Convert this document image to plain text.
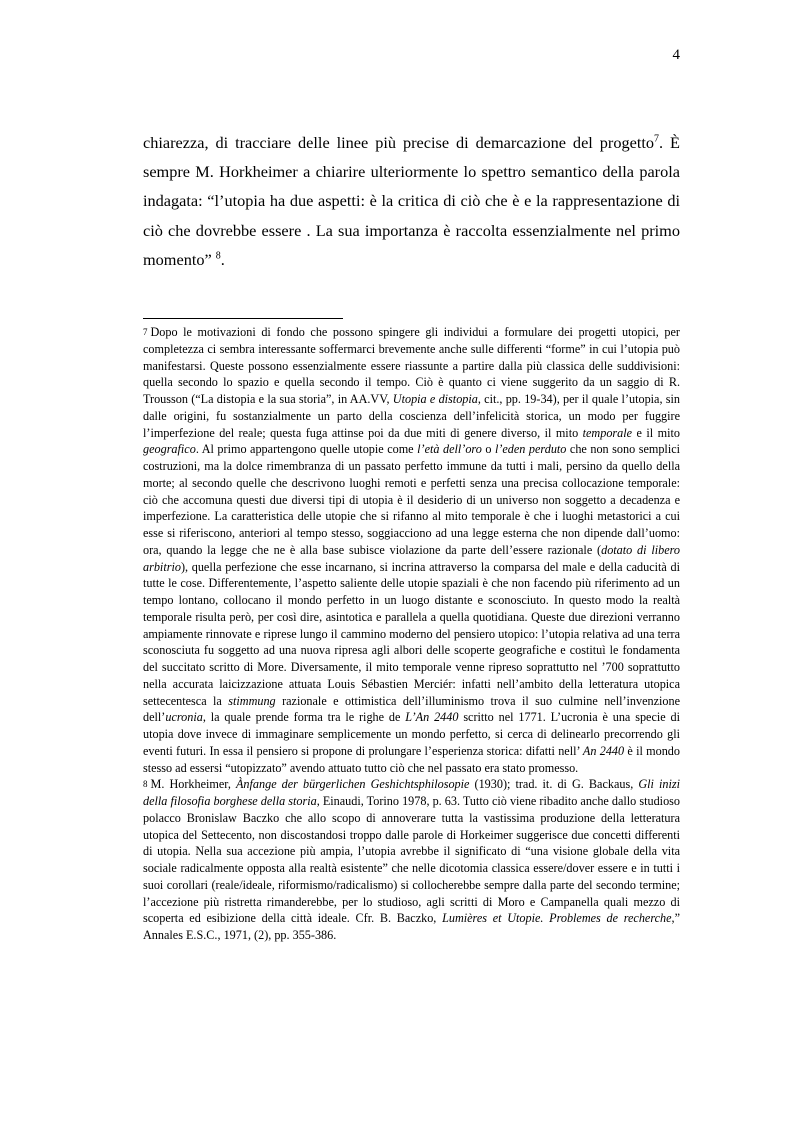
4

chiarezza, di tracciare delle linee più precise di demarcazione del progetto$^7$. È sempre M. Horkheimer a chiarire ulteriormente lo spettro semantico della parola indagata: “l’utopia ha due aspetti: è la critica di ciò che è e la rappresentazione di ciò che dovrebbe essere . La sua importanza è raccolta essenzialmente nel primo momento” $^8$.

7 Dopo le motivazioni di fondo che possono spingere gli individui a formulare dei progetti utopici, per completezza ci sembra interessante soffermarci brevemente anche sulle differenti “forme” in cui l’utopia può manifestarsi. Queste possono essenzialmente essere riassunte a partire dalla più classica delle suddivisioni: quella secondo lo spazio e quella secondo il tempo. Ciò è quanto ci viene suggerito da un saggio di R. Trousson (“La distopia e la sua storia”, in AA.VV, Utopia e distopia, cit., pp. 19-34), per il quale l’utopia, sin dalle origini, fu sostanzialmente un parto della coscienza dell’infelicità storica, un modo per fuggire l’imperfezione del reale; questa fuga attinse poi da due miti di genere diverso, il mito temporale e il mito geografico. Al primo appartengono quelle utopie come l’età dell’oro o l’eden perduto che non sono semplici costruzioni, ma la dolce rimembranza di un passato perfetto immune da tutti i mali, persino da quello della morte; al secondo quelle che descrivono luoghi remoti e perfetti senza una precisa collocazione temporale: ciò che accomuna questi due diversi tipi di utopia è il desiderio di un universo non soggetto a decadenza e imperfezione. La caratteristica delle utopie che si rifanno al mito temporale è che i luoghi metastorici a cui esse si riferiscono, anteriori al tempo stesso, soggiacciono ad una legge esterna che non dipende dall’uomo: ora, quando la legge che ne è alla base subisce violazione da parte dell’essere razionale (dotato di libero arbitrio), quella perfezione che esse incarnano, si incrina attraverso la comparsa del male e della caducità di tutte le cose. Differentemente, l’aspetto saliente delle utopie spaziali è che non facendo più riferimento ad un tempo lontano, collocano il mondo perfetto in un luogo distante e sconosciuto. In questo modo la realtà temporale risulta però, per così dire, asintotica e parallela a quella quotidiana. Queste due direzioni verranno ampiamente rinnovate e riprese lungo il cammino moderno del pensiero utopico: l’utopia relativa ad una terra sconosciuta fu soggetto ad una nuova ripresa agli albori delle scoperte geografiche e costituì le fondamenta del succitato scritto di More. Diversamente, il mito temporale venne ripreso soprattutto nel ’700 soprattutto nella accurata laicizzazione attuata Louis Sébastien Merciér: infatti nell’ambito della letteratura utopica settecentesca la stimmung razionale e ottimistica dell’illuminismo trova il suo culmine nell’invenzione dell’ucronia, la quale prende forma tra le righe de L’An 2440 scritto nel 1771. L’ucronia è una specie di utopia dove invece di immaginare semplicemente un mondo perfetto, si cerca di delinearlo precorrendo gli eventi futuri. In essa il pensiero si propone di prolungare l’esperienza storica: difatti nell’ An 2440 è il mondo stesso ad essersi “utopizzato” avendo attuato tutto ciò che nel passato era stato promesso.

8 M. Horkheimer, Ànfange der bürgerlichen Geshichtsphilosopie (1930); trad. it. di G. Backaus, Gli inizi della filosofia borghese della storia, Einaudi, Torino 1978, p. 63. Tutto ciò viene ribadito anche dallo studioso polacco Bronislaw Baczko che allo scopo di annoverare tutta la vastissima produzione della letteratura utopica del Settecento, non discostandosi troppo dalle parole di Horkeimer suggerisce due concetti differenti di utopia. Nella sua accezione più ampia, l’utopia avrebbe il significato di “una visione globale della vita sociale radicalmente opposta alla realtà esistente” che nelle dicotomia classica essere/dover essere e in tutti i suoi corollari (reale/ideale, riformismo/radicalismo) si collocherebbe sempre dalla parte del secondo termine; l’accezione più ristretta rimanderebbe, per lo studioso, agli scritti di Moro e Campanella quali mezzo di scoperta ed esibizione della città ideale. Cfr. B. Baczko, Lumières et Utopie. Problemes de recherche,” Annales E.S.C., 1971, (2), pp. 355-386.
